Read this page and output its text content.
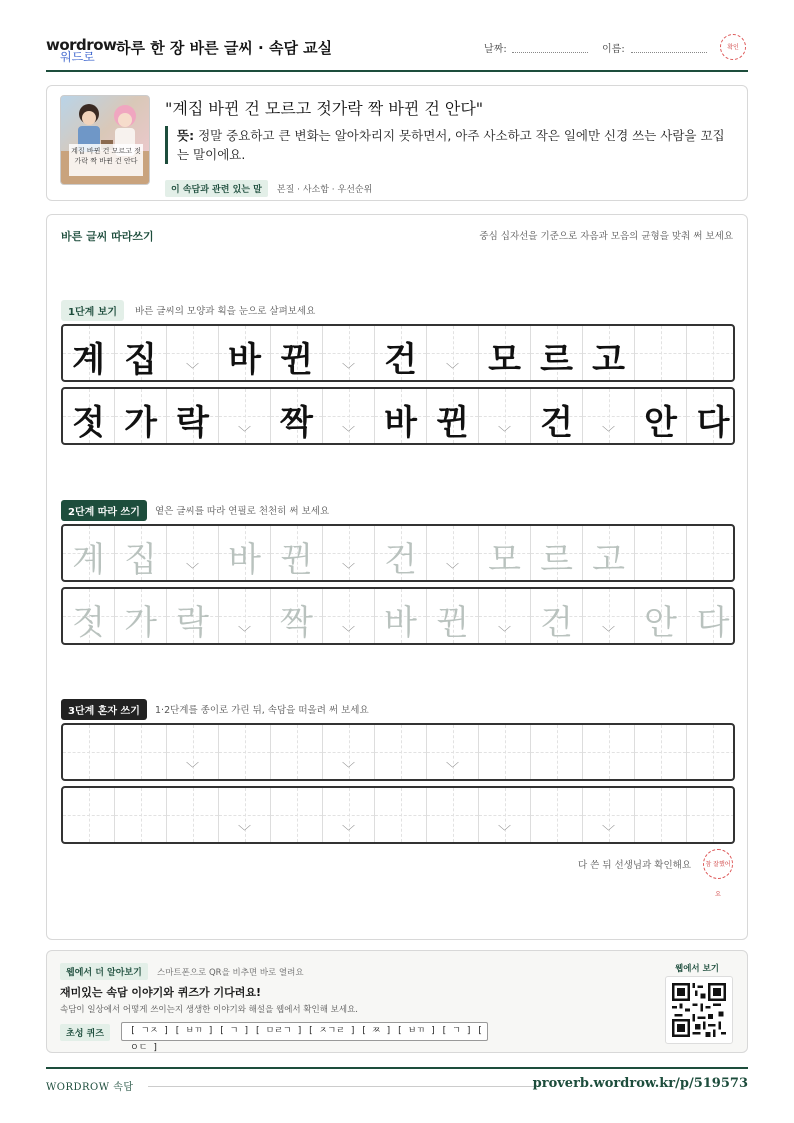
wordrow
워드로 하루 한 장 바른 글씨 · 속담 교실	날짜:	이름:	확인
계집 바뀐 건 모르고 젓가락 짝 바뀐 건 안다
"계집 바뀐 건 모르고 젓가락 짝 바뀐 건 안다"
뜻: 정말 중요하고 큰 변화는 알아차리지 못하면서, 아주 사소하고 작은 일에만 신경 쓰는 사람을 꼬집는 말이에요.
이 속담과 관련 있는 말 본질 · 사소함 · 우선순위
바른 글씨 따라쓰기	중심 십자선을 기준으로 자음과 모음의 균형을 맞춰 써 보세요
1단계 보기	바른 글씨의 모양과 획을 눈으로 살펴보세요
계 집	﹀ 바 뀐	﹀ 건	﹀ 모 르 고
젓 가 락	﹀ 짝	﹀ 바 뀐	﹀ 건	﹀ 안 다
2단계 따라 쓰기	옅은 글씨를 따라 연필로 천천히 써 보세요
계 집	﹀ 바 뀐	﹀ 건	﹀ 모 르 고
젓 가 락	﹀ 짝	﹀ 바 뀐	﹀ 건	﹀ 안 다
3단계 혼자 쓰기	1·2단계를 종이로 가린 뒤, 속담을 떠올려 써 보세요
﹀	﹀	﹀
﹀	﹀	﹀	﹀
다 쓴 뒤 선생님과 확인해요	참 잘했어요
웹에서 더 알아보기	스마트폰으로 QR을 비추면 바로 열려요
재미있는 속담 이야기와 퀴즈가 기다려요!
속담이 일상에서 어떻게 쓰이는지 생생한 이야기와 해설을 웹에서 확인해 보세요.
초성 퀴즈	[ ㄱㅈ ] [ ㅂㄲ ] [ ㄱ ] [ ㅁㄹㄱ ] [ ㅈㄱㄹ ] [ ㅉ ] [ ㅂㄲ ] [ ㄱ ] [ ㅇㄷ ]
웹에서 보기
WORDROW 속담	proverb.wordrow.kr/p/519573
